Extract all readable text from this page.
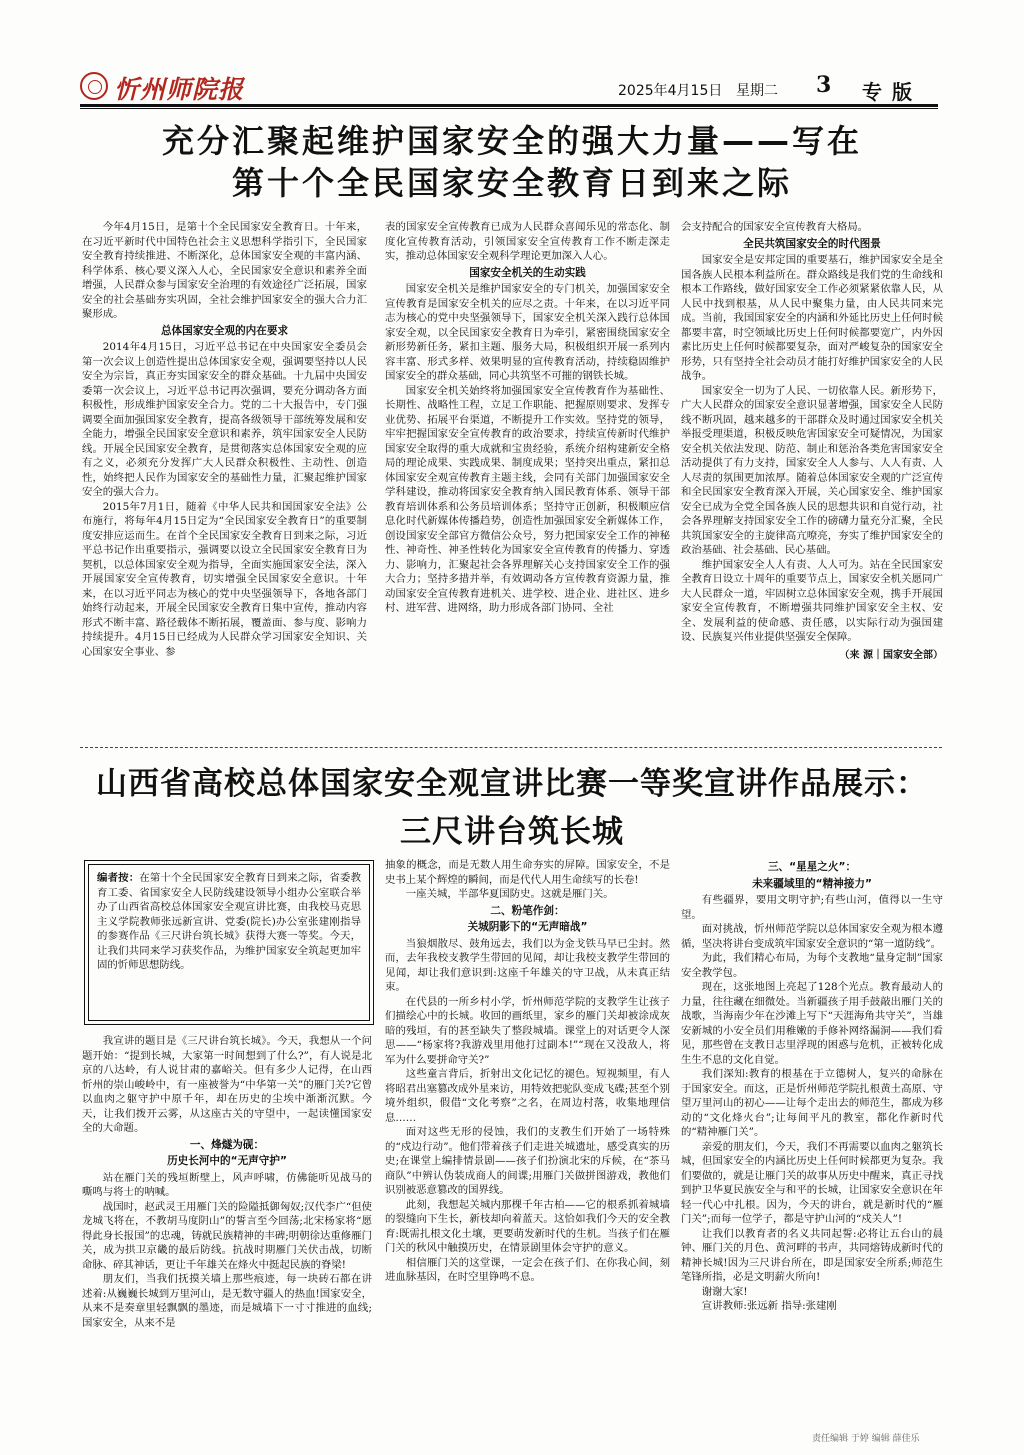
忻州师院报	2025年4月15日 星期二 3 专版
充分汇聚起维护国家安全的强大力量——写在
第十个全民国家安全教育日到来之际

今年4月15日，是第十个全民国家安全教育日。十年来，在习近平新时代中国特色社会主义思想科学指引下，全民国家安全教育持续推进、不断深化，总体国家安全观的丰富内涵、科学体系、核心要义深入人心，全民国家安全意识和素养全面增强，人民群众参与国家安全治理的有效途径广泛拓展，国家安全的社会基础夯实巩固，全社会维护国家安全的强大合力汇聚形成。

总体国家安全观的内在要求

2014年4月15日，习近平总书记在中央国家安全委员会第一次会议上创造性提出总体国家安全观，强调要坚持以人民安全为宗旨，真正夯实国家安全的群众基础。十九届中央国安委第一次会议上，习近平总书记再次强调，要充分调动各方面积极性，形成维护国家安全合力。党的二十大报告中，专门强调要全面加强国家安全教育，提高各级领导干部统筹发展和安全能力，增强全民国家安全意识和素养，筑牢国家安全人民防线。开展全民国家安全教育，是贯彻落实总体国家安全观的应有之义，必须充分发挥广大人民群众积极性、主动性、创造性，始终把人民作为国家安全的基础性力量，汇聚起维护国家安全的强大合力。

2015年7月1日，随着《中华人民共和国国家安全法》公布施行，将每年4月15日定为“全民国家安全教育日”的重要制度安排应运而生。在首个全民国家安全教育日到来之际，习近平总书记作出重要指示，强调要以设立全民国家安全教育日为契机，以总体国家安全观为指导，全面实施国家安全法，深入开展国家安全宣传教育，切实增强全民国家安全意识。十年来，在以习近平同志为核心的党中央坚强领导下，各地各部门始终行动起来，开展全民国家安全教育日集中宣传，推动内容形式不断丰富、路径载体不断拓展，覆盖面、参与度、影响力持续提升。4月15日已经成为人民群众学习国家安全知识、关心国家安全事业、参

表的国家安全宣传教育已成为人民群众喜闻乐见的常态化、制度化宣传教育活动，引领国家安全宣传教育工作不断走深走实，推动总体国家安全观科学理论更加深入人心。

国家安全机关的生动实践

国家安全机关是维护国家安全的专门机关，加强国家安全宣传教育是国家安全机关的应尽之责。十年来，在以习近平同志为核心的党中央坚强领导下，国家安全机关深入践行总体国家安全观，以全民国家安全教育日为牵引，紧密围绕国家安全新形势新任务，紧扣主题、服务大局，积极组织开展一系列内容丰富、形式多样、效果明显的宣传教育活动，持续稳固维护国家安全的群众基础，同心共筑坚不可摧的钢铁长城。

国家安全机关始终将加强国家安全宣传教育作为基础性、长期性、战略性工程，立足工作职能、把握原则要求、发挥专业优势、拓展平台渠道，不断提升工作实效。坚持党的领导，牢牢把握国家安全宣传教育的政治要求，持续宣传新时代维护国家安全取得的重大成就和宝贵经验，系统介绍构建新安全格局的理论成果、实践成果、制度成果；坚持突出重点，紧扣总体国家安全观宣传教育主题主线，会同有关部门加强国家安全学科建设，推动将国家安全教育纳入国民教育体系、领导干部教育培训体系和公务员培训体系；坚持守正创新，积极顺应信息化时代新媒体传播趋势，创造性加强国家安全新媒体工作，创设国家安全部官方微信公众号，努力把国家安全工作的神秘性、神奇性、神圣性转化为国家安全宣传教育的传播力、穿透力、影响力，汇聚起社会各界理解关心支持国家安全工作的强大合力；坚持多措并举，有效调动各方宣传教育资源力量，推动国家安全宣传教育进机关、进学校、进企业、进社区、进乡村、进军营、进网络，助力形成各部门协同、全社

会支持配合的国家安全宣传教育大格局。

全民共筑国家安全的时代图景

国家安全是安邦定国的重要基石，维护国家安全是全国各族人民根本利益所在。群众路线是我们党的生命线和根本工作路线，做好国家安全工作必须紧紧依靠人民，从人民中找到根基，从人民中聚集力量，由人民共同来完成。当前，我国国家安全的内涵和外延比历史上任何时候都要丰富，时空领域比历史上任何时候都要宽广，内外因素比历史上任何时候都要复杂，面对严峻复杂的国家安全形势，只有坚持全社会动员才能打好维护国家安全的人民战争。

国家安全一切为了人民、一切依靠人民。新形势下，广大人民群众的国家安全意识显著增强，国家安全人民防线不断巩固，越来越多的干部群众及时通过国家安全机关举报受理渠道，积极反映危害国家安全可疑情况，为国家安全机关依法发现、防范、制止和惩治各类危害国家安全活动提供了有力支持，国家安全人人参与、人人有责、人人尽责的氛围更加浓厚。随着总体国家安全观的广泛宣传和全民国家安全教育深入开展，关心国家安全、维护国家安全已成为全党全国各族人民的思想共识和自觉行动，社会各界理解支持国家安全工作的磅礴力量充分汇聚，全民共筑国家安全的主旋律高亢嘹亮，夯实了维护国家安全的政治基础、社会基础、民心基础。

维护国家安全人人有责、人人可为。站在全民国家安全教育日设立十周年的重要节点上，国家安全机关愿同广大人民群众一道，牢固树立总体国家安全观，携手开展国家安全宣传教育，不断增强共同维护国家安全主权、安全、发展利益的使命感、责任感，以实际行动为强国建设、民族复兴伟业提供坚强安全保障。

（来 源｜国家安全部）
山西省高校总体国家安全观宣讲比赛一等奖宣讲作品展示：
三尺讲台筑长城
编者按：在第十个全民国家安全教育日到来之际，省委教育工委、省国家安全人民防线建设领导小组办公室联合举办了山西省高校总体国家安全观宣讲比赛，由我校马克思主义学院教师张远新宣讲、党委(院长)办公室张建刚指导的参赛作品《三尺讲台筑长城》获得大赛一等奖。今天，让我们共同来学习获奖作品，为维护国家安全筑起更加牢固的忻师思想防线。

我宣讲的题目是《三尺讲台筑长城》。今天，我想从一个问题开始：“提到长城，大家第一时间想到了什么?”，有人说是北京的八达岭，有人说甘肃的嘉峪关。但有多少人记得，在山西忻州的崇山峻岭中，有一座被誉为“中华第一关”的雁门关?它曾以血肉之躯守护中原千年，却在历史的尘埃中渐渐沉默。今天，让我们拨开云雾，从这座古关的守望中，一起读懂国家安全的大命题。

一、烽燧为砚：
历史长河中的“无声守护”

站在雁门关的残垣断壁上，风声呼啸，仿佛能听见战马的嘶鸣与将士的呐喊。

战国时，赵武灵王用雁门关的险隘抵御匈奴;汉代李广“但使龙城飞将在，不教胡马度阴山”的誓言至今回荡;北宋杨家将“愿得此身长报国”的忠魂，铸就民族精神的丰碑;明朝徐达重修雁门关，成为拱卫京畿的最后防线。抗战时期雁门关伏击战，切断命脉、碎其神话，更让千年雄关在烽火中挺起民族的脊梁!

朋友们，当我们抚摸关墙上那些痕迹，每一块砖石都在讲述着:从巍巍长城到万里河山，是无数守疆人的热血!国家安全，从来不是奏章里轻飘飘的墨迹，而是城墙下一寸寸推进的血线;国家安全，从来不是

抽象的概念，而是无数人用生命夯实的屏障。国家安全，不是史书上某个辉煌的瞬间，而是代代人用生命续写的长卷!

一座关城，半部华夏国防史。这就是雁门关。

二、粉笔作剑：
关城阴影下的“无声暗战”

当狼烟散尽、鼓角远去，我们以为金戈铁马早已尘封。然而，去年我校支教学生带回的见闻，却让我校支教学生带回的见闻，却让我们意识到:这座千年雄关的守卫战，从未真正结束。

在代县的一所乡村小学，忻州师范学院的支教学生让孩子们描绘心中的长城。收回的画纸里，家乡的雁门关却被涂成灰暗的残垣，有的甚至缺失了整段城墙。课堂上的对话更令人深思——“杨家将?我游戏里用他打过副本!”“现在又没敌人，将军为什么要拼命守关?”

这些童言背后，折射出文化记忆的褪色。短视频里，有人将昭君出塞篡改成外星来访，用特效把驼队变成飞碟;甚至个别境外组织，假借“文化考察”之名，在周边村落，收集地理信息……

面对这些无形的侵蚀，我们的支教生们开始了一场特殊的“戍边行动”。他们带着孩子们走进关城遗址，感受真实的历史;在课堂上编排情景剧——孩子们扮演北宋的斥候，在“茶马商队”中辨认伪装成商人的间谍;用雁门关做拼图游戏，教他们识别被恶意篡改的国界线。

此刻，我想起关城内那棵千年古柏——它的根系抓着城墙的裂缝向下生长，新枝却向着蓝天。这恰如我们今天的安全教育:既需扎根文化土壤，更要萌发新时代的生机。当孩子们在雁门关的秋风中触摸历史，在情景剧里体会守护的意义。

相信雁门关的这堂课，一定会在孩子们、在你我心间，刻进血脉基因，在时空里铮鸣不息。

三、“星星之火”：
未来疆域里的“精神接力”

有些疆界，要用文明守护;有些山河，值得以一生守望。

面对挑战，忻州师范学院以总体国家安全观为根本遵循，坚决将讲台变成筑牢国家安全意识的“第一道防线”。

为此，我们精心布局，为每个支教地“量身定制”国家安全教学包。

现在，这张地图上亮起了128个光点。教育最动人的力量，往往藏在细微处。当新疆孩子用手鼓敲出雁门关的战歌，当海南少年在沙滩上写下“天涯海角共守关”，当雄安新城的小安全员们用稚嫩的手修补网络漏洞——我们看见，那些曾在支教日志里浮现的困惑与危机，正被转化成生生不息的文化自觉。

我们深知:教育的根基在于立德树人，复兴的命脉在于国家安全。而这，正是忻州师范学院扎根黄土高原、守望万里河山的初心——让每个走出去的师范生，都成为移动的“文化烽火台”;让每间平凡的教室，都化作新时代的“精神雁门关”。

亲爱的朋友们，今天，我们不再需要以血肉之躯筑长城，但国家安全的内涵比历史上任何时候都更为复杂。我们要做的，就是让雁门关的故事从历史中醒来，真正寻找到护卫华夏民族安全与和平的长城，让国家安全意识在年轻一代心中扎根。因为，今天的讲台，就是新时代的“雁门关”;而每一位学子，都是守护山河的“戍关人”!

让我们以教育者的名义共同起誓:必将让五台山的晨钟、雁门关的月色、黄河畔的书声，共同熔铸成新时代的精神长城!因为三尺讲台所在，即是国家安全所系;师范生笔锋所指，必是文明薪火所向!

谢谢大家!

宣讲教师:张远新 指导:张建刚

责任编辑 于婷 编辑 薛佳乐
